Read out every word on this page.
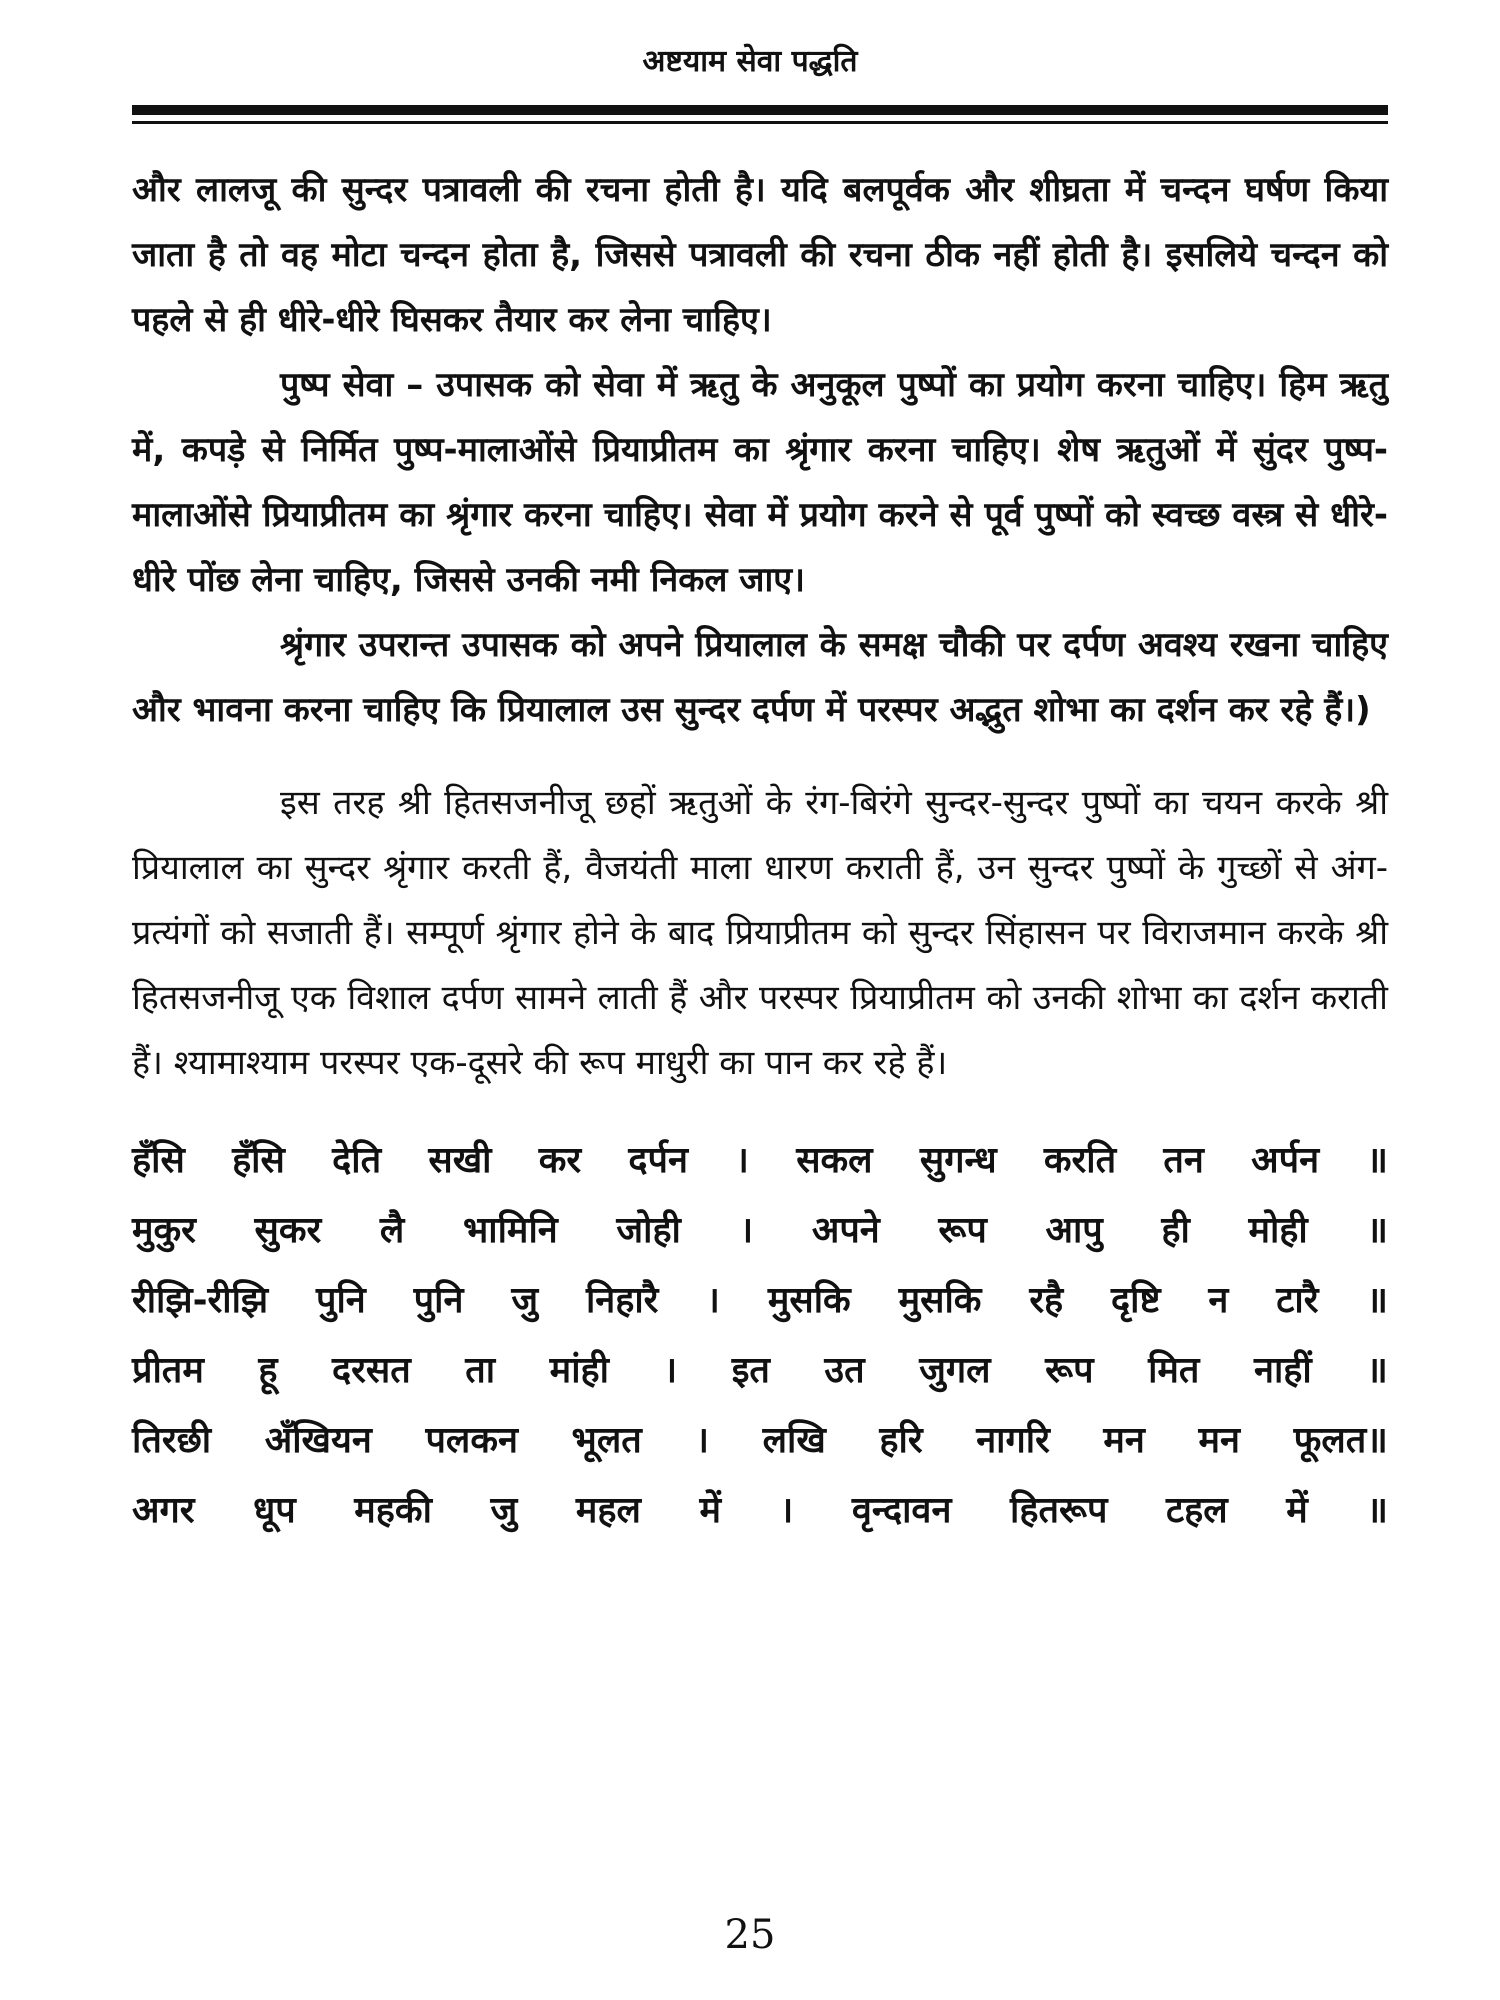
अष्टयाम सेवा पद्धति

और लालजू की सुन्दर पत्रावली की रचना होती है। यदि बलपूर्वक और शीघ्रता में चन्दन घर्षण किया जाता है तो वह मोटा चन्दन होता है, जिससे पत्रावली की रचना ठीक नहीं होती है। इसलिये चन्दन को पहले से ही धीरे-धीरे घिसकर तैयार कर लेना चाहिए।

पुष्प सेवा – उपासक को सेवा में ऋतु के अनुकूल पुष्पों का प्रयोग करना चाहिए। हिम ऋतु में, कपड़े से निर्मित पुष्प-मालाओंसे प्रियाप्रीतम का श्रृंगार करना चाहिए। शेष ऋतुओं में सुंदर पुष्प-मालाओंसे प्रियाप्रीतम का श्रृंगार करना चाहिए। सेवा में प्रयोग करने से पूर्व पुष्पों को स्वच्छ वस्त्र से धीरे-धीरे पोंछ लेना चाहिए, जिससे उनकी नमी निकल जाए।

श्रृंगार उपरान्त उपासक को अपने प्रियालाल के समक्ष चौकी पर दर्पण अवश्य रखना चाहिए और भावना करना चाहिए कि प्रियालाल उस सुन्दर दर्पण में परस्पर अद्भुत शोभा का दर्शन कर रहे हैं।)

इस तरह श्री हितसजनीजू छहों ऋतुओं के रंग-बिरंगे सुन्दर-सुन्दर पुष्पों का चयन करके श्री प्रियालाल का सुन्दर श्रृंगार करती हैं, वैजयंती माला धारण कराती हैं, उन सुन्दर पुष्पों के गुच्छों से अंग-प्रत्यंगों को सजाती हैं। सम्पूर्ण श्रृंगार होने के बाद प्रियाप्रीतम को सुन्दर सिंहासन पर विराजमान करके श्री हितसजनीजू एक विशाल दर्पण सामने लाती हैं और परस्पर प्रियाप्रीतम को उनकी शोभा का दर्शन कराती हैं। श्यामाश्याम परस्पर एक-दूसरे की रूप माधुरी का पान कर रहे हैं।

हँसि हँसि देति सखी कर दर्पन । सकल सुगन्ध करति तन अर्पन ॥
मुकुर सुकर लै भामिनि जोही । अपने रूप आपु ही मोही ॥
रीझि-रीझि पुनि पुनि जु निहारै । मुसकि मुसकि रहै दृष्टि न टारै ॥
प्रीतम हू दरसत ता मांही । इत उत जुगल रूप मित नाहीं ॥
तिरछी अँखियन पलकन भूलत । लखि हरि नागरि मन मन फूलत॥
अगर धूप महकी जु महल में । वृन्दावन हितरूप टहल में ॥
25
